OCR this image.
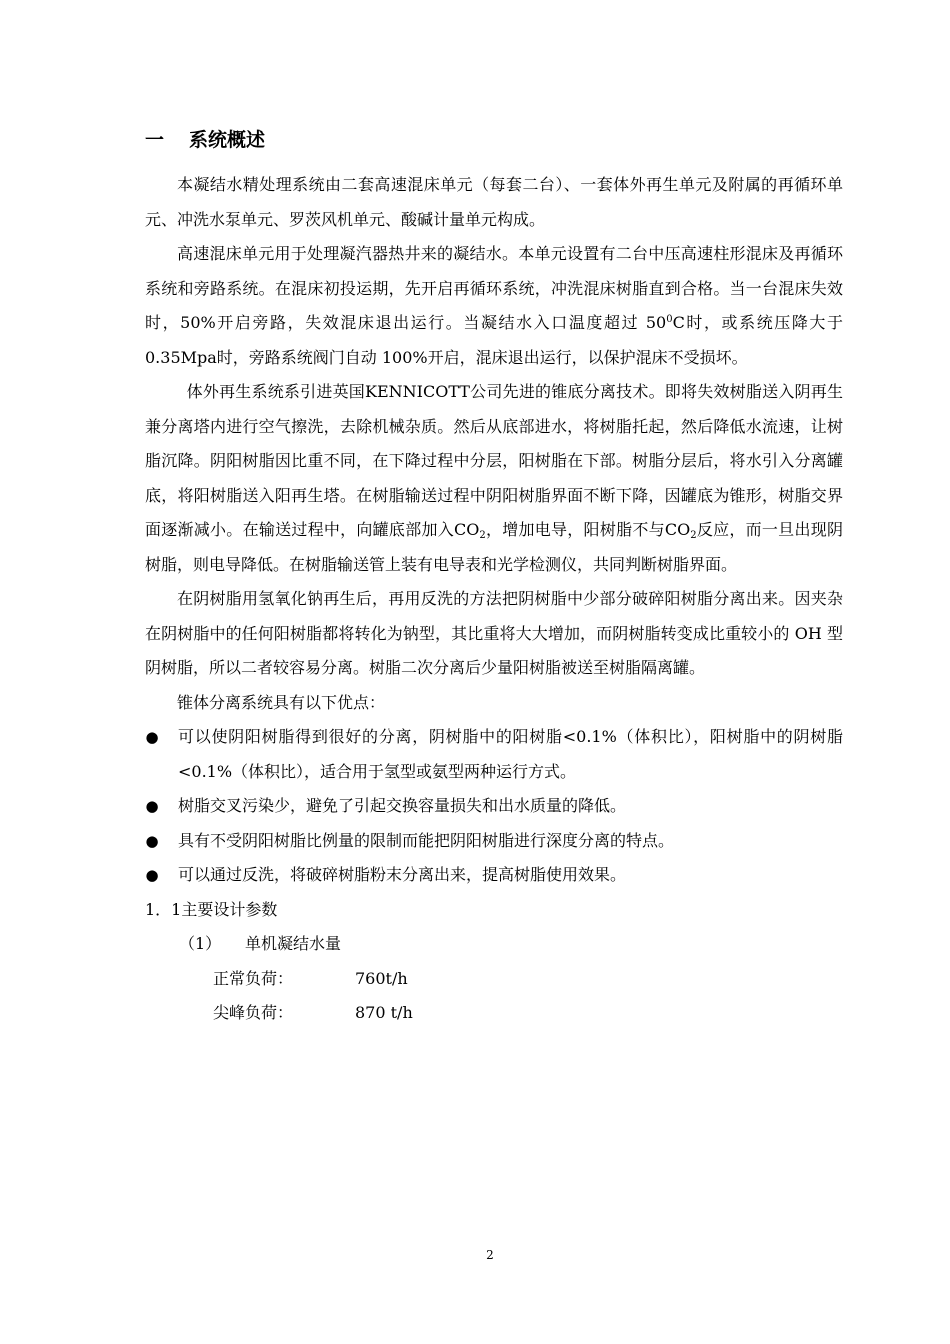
一 系统概述

本凝结水精处理系统由二套高速混床单元（每套二台）、一套体外再生单元及附属的再循环单元、冲洗水泵单元、罗茨风机单元、酸碱计量单元构成。

高速混床单元用于处理凝汽器热井来的凝结水。本单元设置有二台中压高速柱形混床及再循环系统和旁路系统。在混床初投运期，先开启再循环系统，冲洗混床树脂直到合格。当一台混床失效时，50%开启旁路，失效混床退出运行。当凝结水入口温度超过 $50^0C$时，或系统压降大于 0.35Mpa时，旁路系统阀门自动 100%开启，混床退出运行，以保护混床不受损坏。

体外再生系统系引进英国KENNICOTT公司先进的锥底分离技术。即将失效树脂送入阴再生兼分离塔内进行空气擦洗，去除机械杂质。然后从底部进水，将树脂托起，然后降低水流速，让树脂沉降。阴阳树脂因比重不同，在下降过程中分层，阳树脂在下部。树脂分层后，将水引入分离罐底，将阳树脂送入阳再生塔。在树脂输送过程中阴阳树脂界面不断下降，因罐底为锥形，树脂交界面逐渐减小。在输送过程中，向罐底部加入$CO_2$，增加电导，阳树脂不与$CO_2$反应，而一旦出现阴树脂，则电导降低。在树脂输送管上装有电导表和光学检测仪，共同判断树脂界面。

在阴树脂用氢氧化钠再生后，再用反洗的方法把阴树脂中少部分破碎阳树脂分离出来。因夹杂在阴树脂中的任何阳树脂都将转化为钠型，其比重将大大增加，而阴树脂转变成比重较小的 OH 型阴树脂，所以二者较容易分离。树脂二次分离后少量阳树脂被送至树脂隔离罐。

锥体分离系统具有以下优点：

● 可以使阴阳树脂得到很好的分离，阴树脂中的阳树脂<0.1%（体积比），阳树脂中的阴树脂<0.1%（体积比），适合用于氢型或氨型两种运行方式。
● 树脂交叉污染少，避免了引起交换容量损失和出水质量的降低。
● 具有不受阴阳树脂比例量的限制而能把阴阳树脂进行深度分离的特点。
● 可以通过反洗，将破碎树脂粉末分离出来，提高树脂使用效果。
1．1主要设计参数
（1） 单机凝结水量
正常负荷：	760t/h
尖峰负荷：	870 t/h
2
